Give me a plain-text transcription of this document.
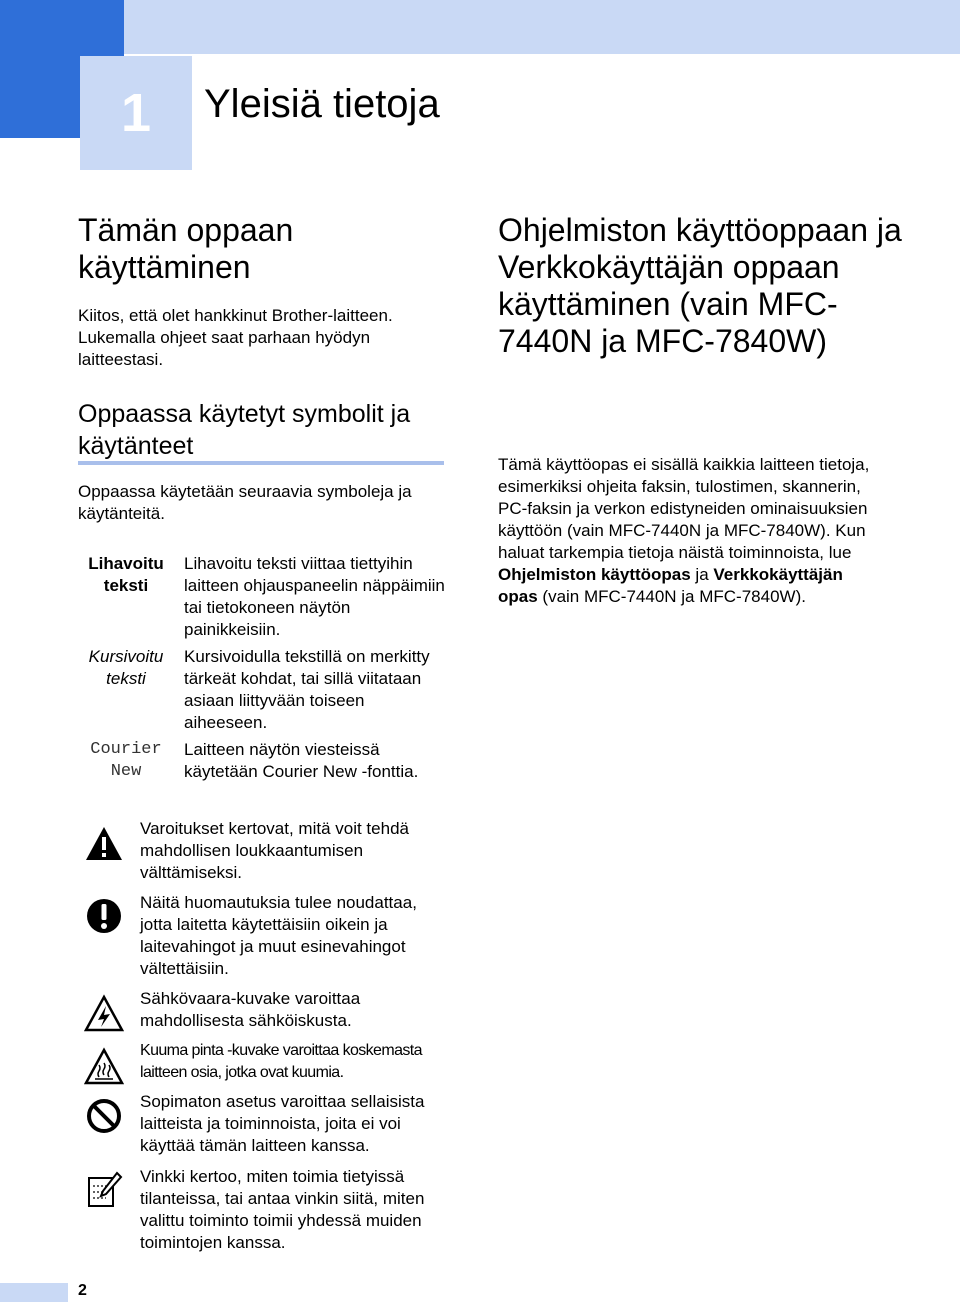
1	Yleisiä tietoja
Tämän oppaan käyttäminen

Kiitos, että olet hankkinut Brother-laitteen. Lukemalla ohjeet saat parhaan hyödyn laitteestasi.

Oppaassa käytetyt symbolit ja käytänteet

Oppaassa käytetään seuraavia symboleja ja käytänteitä.

Lihavoitu
teksti
Lihavoitu teksti viittaa tiettyihin laitteen ohjauspaneelin näppäimiin tai tietokoneen näytön painikkeisiin.
Kursivoitu
teksti
Kursivoidulla tekstillä on merkitty tärkeät kohdat, tai sillä viitataan asiaan liittyvään toiseen aiheeseen.
Courier
New
Laitteen näytön viesteissä käytetään Courier New -fonttia.
Varoitukset kertovat, mitä voit tehdä mahdollisen loukkaantumisen välttämiseksi.
Näitä huomautuksia tulee noudattaa, jotta laitetta käytettäisiin oikein ja laitevahingot ja muut esinevahingot vältettäisiin.
Sähkövaara-kuvake varoittaa mahdollisesta sähköiskusta.
Kuuma pinta -kuvake varoittaa koskemasta laitteen osia, jotka ovat kuumia.
Sopimaton asetus varoittaa sellaisista laitteista ja toiminnoista, joita ei voi käyttää tämän laitteen kanssa.
Vinkki kertoo, miten toimia tietyissä tilanteissa, tai antaa vinkin siitä, miten valittu toiminto toimii yhdessä muiden toimintojen kanssa.
Ohjelmiston käyttöoppaan ja Verkkokäyttäjän oppaan käyttäminen (vain MFC-7440N ja MFC-7840W)

Tämä käyttöopas ei sisällä kaikkia laitteen tietoja, esimerkiksi ohjeita faksin, tulostimen, skannerin, PC-faksin ja verkon edistyneiden ominaisuuksien käyttöön (vain MFC-7440N ja MFC-7840W). Kun haluat tarkempia tietoja näistä toiminnoista, lue Ohjelmiston käyttöopas ja Verkkokäyttäjän opas (vain MFC-7440N ja MFC-7840W).

2
